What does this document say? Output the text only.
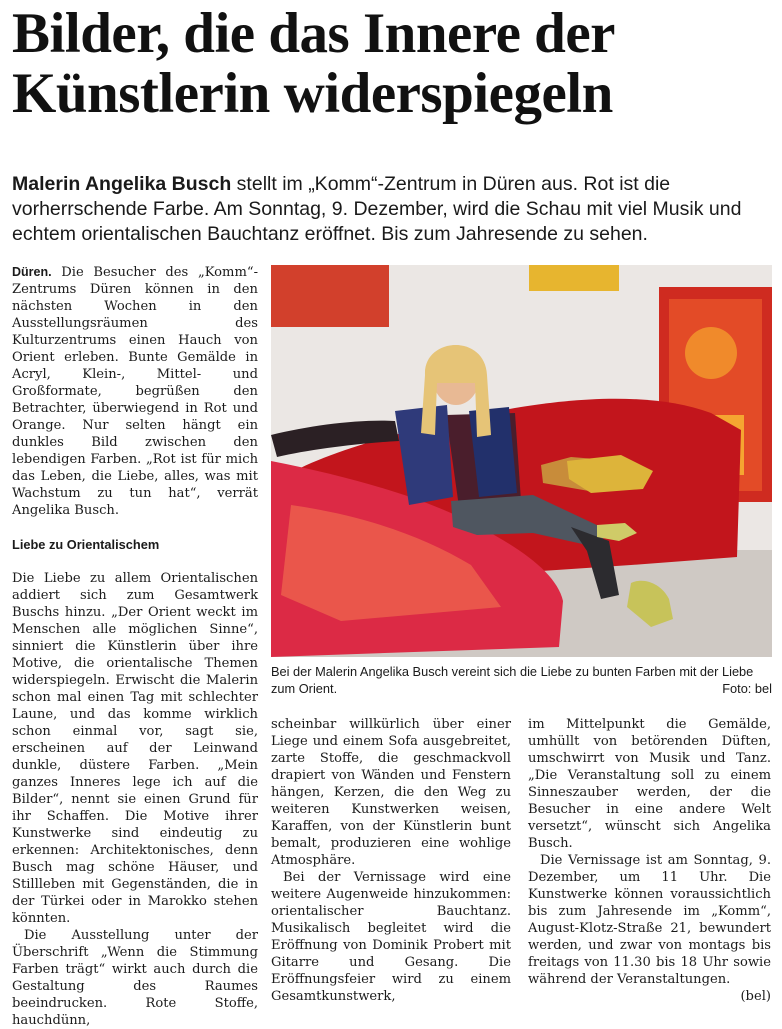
Bilder, die das Innere der
Künstlerin widerspiegeln
Malerin Angelika Busch stellt im „Komm“-Zentrum in Düren aus. Rot ist die vorherrschende Farbe. Am Sonntag, 9. Dezember, wird die Schau mit viel Musik und echtem orientalischen Bauchtanz eröffnet. Bis zum Jahresende zu sehen.

Düren. Die Besucher des „Komm“-Zentrums Düren können in den nächsten Wochen in den Ausstellungsräumen des Kulturzentrums einen Hauch von Orient erleben. Bunte Gemälde in Acryl, Klein-, Mittel- und Großformate, begrüßen den Betrachter, überwiegend in Rot und Orange. Nur selten hängt ein dunkles Bild zwischen den lebendigen Farben. „Rot ist für mich das Leben, die Liebe, alles, was mit Wachstum zu tun hat“, verrät Angelika Busch.

Liebe zu Orientalischem

Die Liebe zu allem Orientalischen addiert sich zum Gesamtwerk Buschs hinzu. „Der Orient weckt im Menschen alle möglichen Sinne“, sinniert die Künstlerin über ihre Motive, die orientalische Themen widerspiegeln. Erwischt die Malerin schon mal einen Tag mit schlechter Laune, und das komme wirklich schon einmal vor, sagt sie, erscheinen auf der Leinwand dunkle, düstere Farben. „Mein ganzes Inneres lege ich auf die Bilder“, nennt sie einen Grund für ihr Schaffen. Die Motive ihrer Kunstwerke sind eindeutig zu erkennen: Architektonisches, denn Busch mag schöne Häuser, und Stillleben mit Gegenständen, die in der Türkei oder in Marokko stehen könnten.

Die Ausstellung unter der Überschrift „Wenn die Stimmung Farben trägt“ wirkt auch durch die Gestaltung des Raumes beeindrucken. Rote Stoffe, hauchdünn,

Bei der Malerin Angelika Busch vereint sich die Liebe zu bunten Farben mit der Liebe zum Orient.	Foto: bel

scheinbar willkürlich über einer Liege und einem Sofa ausgebreitet, zarte Stoffe, die geschmackvoll drapiert von Wänden und Fenstern hängen, Kerzen, die den Weg zu weiteren Kunstwerken weisen, Karaffen, von der Künstlerin bunt bemalt, produzieren eine wohlige Atmosphäre.

Bei der Vernissage wird eine weitere Augenweide hinzukommen: orientalischer Bauchtanz. Musikalisch begleitet wird die Eröffnung von Dominik Probert mit Gitarre und Gesang. Die Eröffnungsfeier wird zu einem Gesamtkunstwerk,

im Mittelpunkt die Gemälde, umhüllt von betörenden Düften, umschwirrt von Musik und Tanz. „Die Veranstaltung soll zu einem Sinneszauber werden, der die Besucher in eine andere Welt versetzt“, wünscht sich Angelika Busch.

Die Vernissage ist am Sonntag, 9. Dezember, um 11 Uhr. Die Kunstwerke können voraussichtlich bis zum Jahresende im „Komm“, August-Klotz-Straße 21, bewundert werden, und zwar von montags bis freitags von 11.30 bis 18 Uhr sowie während der Veranstaltungen.
(bel)
